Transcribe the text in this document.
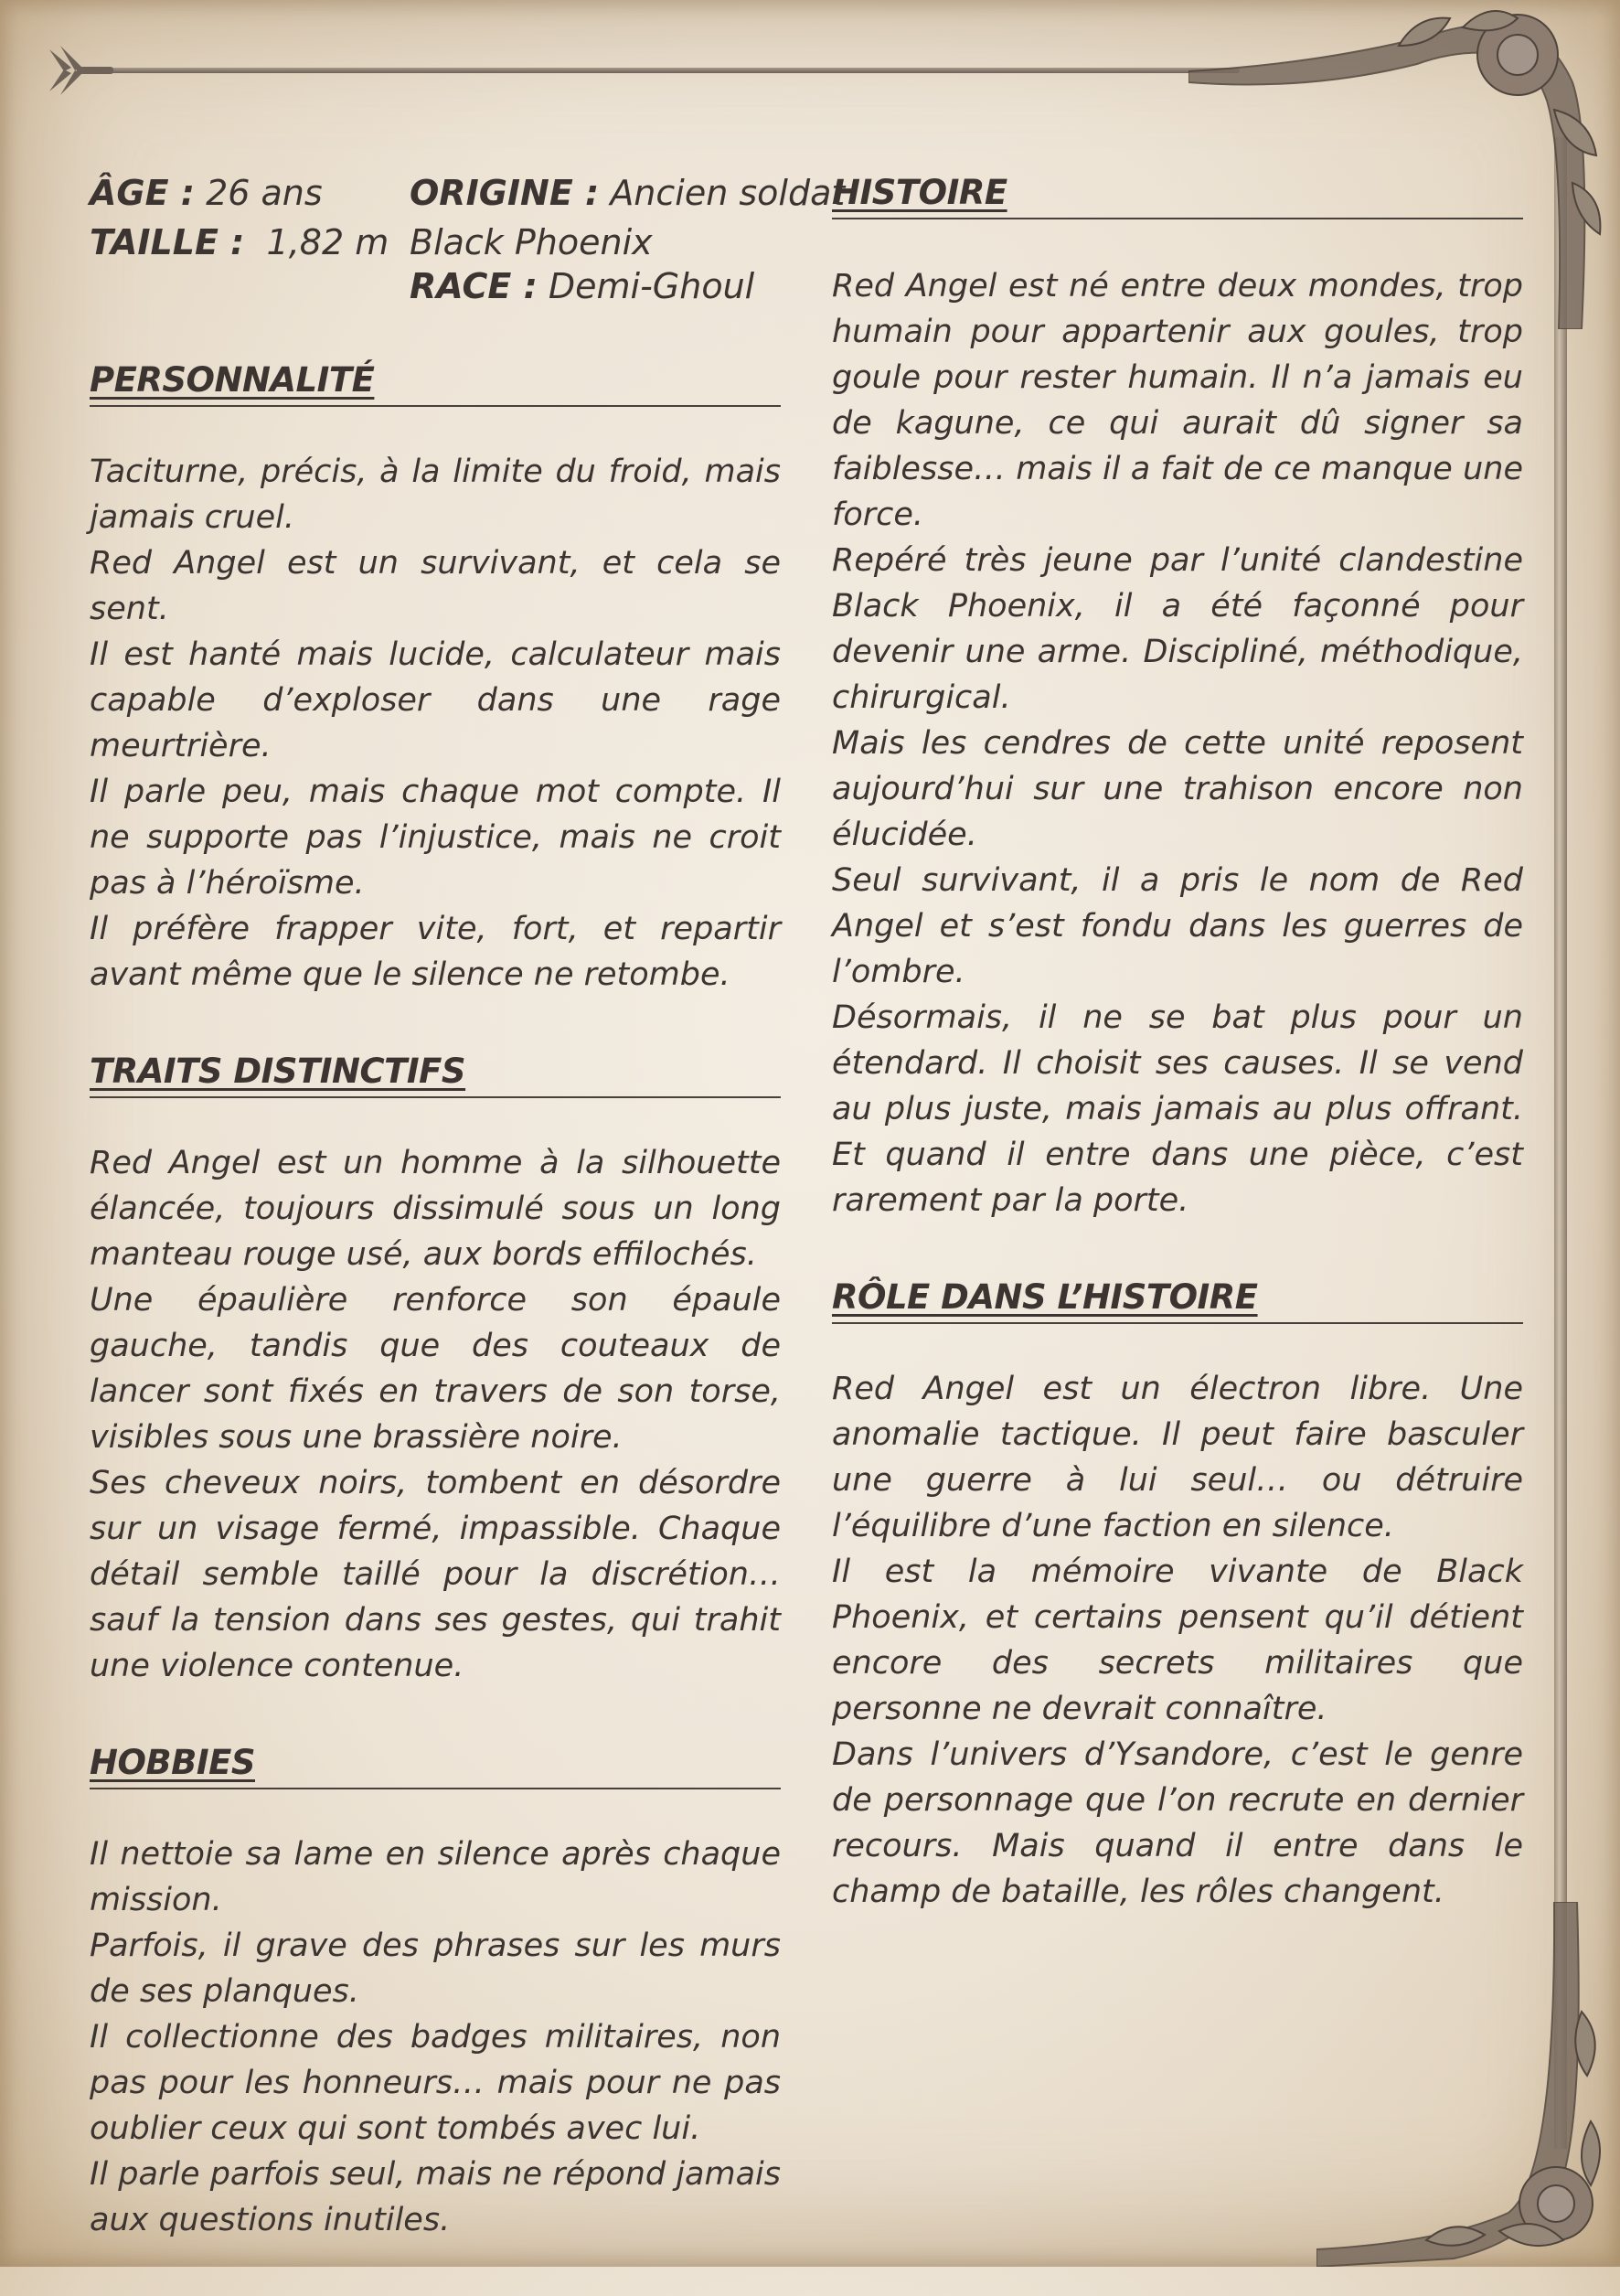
ÂGE : 26 ans
TAILLE : 1,82 m
ORIGINE : Ancien soldat
Black Phoenix
RACE : Demi-Ghoul
PERSONNALITÉ

Taciturne, précis, à la limite du froid, mais jamais cruel.

Red Angel est un survivant, et cela se sent.

Il est hanté mais lucide, calculateur mais capable d’exploser dans une rage meurtrière.

Il parle peu, mais chaque mot compte. Il ne supporte pas l’injustice, mais ne croit pas à l’héroïsme.

Il préfère frapper vite, fort, et repartir avant même que le silence ne retombe.

TRAITS DISTINCTIFS

Red Angel est un homme à la silhouette élancée, toujours dissimulé sous un long manteau rouge usé, aux bords effilochés.

Une épaulière renforce son épaule gauche, tandis que des couteaux de lancer sont fixés en travers de son torse, visibles sous une brassière noire.

Ses cheveux noirs, tombent en désordre sur un visage fermé, impassible. Chaque détail semble taillé pour la discrétion… sauf la tension dans ses gestes, qui trahit une violence contenue.

HOBBIES

Il nettoie sa lame en silence après chaque mission.

Parfois, il grave des phrases sur les murs de ses planques.

Il collectionne des badges militaires, non pas pour les honneurs… mais pour ne pas oublier ceux qui sont tombés avec lui.

Il parle parfois seul, mais ne répond jamais aux questions inutiles.

HISTOIRE

Red Angel est né entre deux mondes, trop humain pour appartenir aux goules, trop goule pour rester humain. Il n’a jamais eu de kagune, ce qui aurait dû signer sa faiblesse… mais il a fait de ce manque une force.

Repéré très jeune par l’unité clandestine Black Phoenix, il a été façonné pour devenir une arme. Discipliné, méthodique, chirurgical.

Mais les cendres de cette unité reposent aujourd’hui sur une trahison encore non élucidée.

Seul survivant, il a pris le nom de Red Angel et s’est fondu dans les guerres de l’ombre.

Désormais, il ne se bat plus pour un étendard. Il choisit ses causes. Il se vend au plus juste, mais jamais au plus offrant. Et quand il entre dans une pièce, c’est rarement par la porte.

RÔLE DANS L’HISTOIRE

Red Angel est un électron libre. Une anomalie tactique. Il peut faire basculer une guerre à lui seul… ou détruire l’équilibre d’une faction en silence.

Il est la mémoire vivante de Black Phoenix, et certains pensent qu’il détient encore des secrets militaires que personne ne devrait connaître.

Dans l’univers d’Ysandore, c’est le genre de personnage que l’on recrute en dernier recours. Mais quand il entre dans le champ de bataille, les rôles changent.
